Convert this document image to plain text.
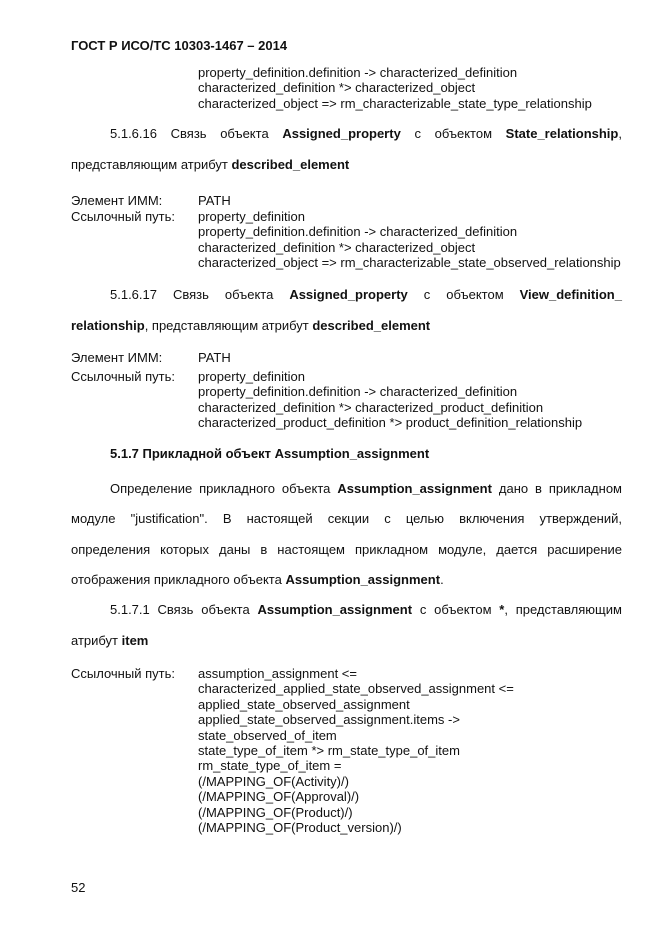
ГОСТ Р ИСО/ТС 10303-1467 – 2014
property_definition.definition -> characterized_definition
characterized_definition *> characterized_object
characterized_object => rm_characterizable_state_type_relationship
5.1.6.16 Связь объекта Assigned_property с объектом State_relationship,
представляющим атрибут described_element
Элемент ИММ:	PATH
Ссылочный путь: property_definition
property_definition.definition -> characterized_definition
characterized_definition *> characterized_object
characterized_object => rm_characterizable_state_observed_relationship
5.1.6.17 Связь объекта Assigned_property с объектом View_definition_
relationship, представляющим атрибут described_element
Элемент ИММ:	PATH
Ссылочный путь: property_definition
property_definition.definition -> characterized_definition
characterized_definition *> characterized_product_definition
characterized_product_definition *> product_definition_relationship
5.1.7 Прикладной объект Assumption_assignment
Определение прикладного объекта Assumption_assignment дано в прикладном
модуле "justification". В настоящей секции с целью включения утверждений,
определения которых даны в настоящем прикладном модуле, дается расширение
отображения прикладного объекта Assumption_assignment.
5.1.7.1 Связь объекта Assumption_assignment с объектом *, представляющим
атрибут item
Ссылочный путь: assumption_assignment <=
characterized_applied_state_observed_assignment <=
applied_state_observed_assignment
applied_state_observed_assignment.items ->
state_observed_of_item
state_type_of_item *> rm_state_type_of_item
rm_state_type_of_item =
(/MAPPING_OF(Activity)/)
(/MAPPING_OF(Approval)/)
(/MAPPING_OF(Product)/)
(/MAPPING_OF(Product_version)/)
52
